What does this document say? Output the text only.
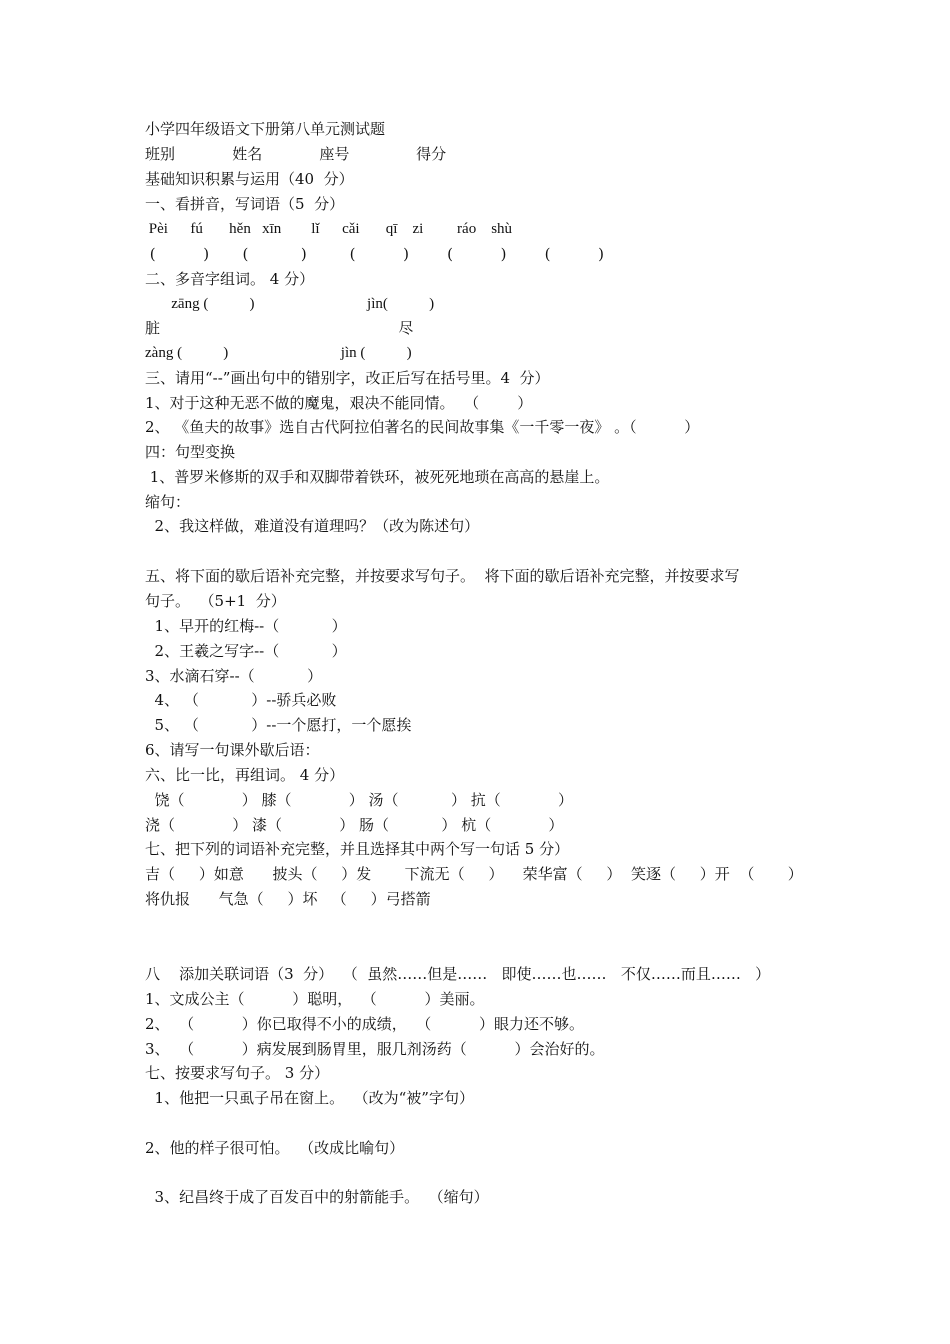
小学四年级语文下册第八单元测试题
班别            姓名            座号              得分
基础知识积累与运用（40  分）
一、看拼音，写词语（5  分）
Pèi      fú       hěn   xīn        lǐ      cǎi       qī    zi         ráo    shù
(          )       (           )         (          )        (          )        (          )
二、多音字组词。 4 分）
zāng (           )                              jìn(           )
脏                                                  尽
zàng (           )                              jìn (           )
三、请用“--”画出句中的错别字，改正后写在括号里。4  分）
1、对于这种无恶不做的魔鬼，艰决不能同情。  （        ）
2、 《鱼夫的故事》选自古代阿拉伯著名的民间故事集《一千零一夜》 。（          ）
四：句型变换
1、普罗米修斯的双手和双脚带着铁环，被死死地琐在高高的悬崖上。
缩句：
2、我这样做，难道没有道理吗？（改为陈述句）
五、将下面的歇后语补充完整，并按要求写句子。  将下面的歇后语补充完整，并按要求写
句子。  （5+1  分）
1、早开的红梅--（           ）
2、王羲之写字--（           ）
3、水滴石穿--（           ）
4、 （           ）--骄兵必败
5、 （           ）--一个愿打，一个愿挨
6、请写一句课外歇后语：
六、比一比，再组词。 4 分）
饶（            ） 膝（            ） 汤（           ） 抗（            ）
浇（            ） 漆（            ） 肠（           ） 杭（            ）
七、把下列的词语补充完整，并且选择其中两个写一句话 5 分）
吉（     ）如意      披头（     ）发       下流无（     ）    荣华富（     ）  笑逐（     ）开  （       ）
将仇报      气急（     ）坏   （     ）弓搭箭
八    添加关联词语（3  分）  （  虽然……但是……   即使……也……   不仅……而且……   ）
1、文成公主（          ）聪明，  （          ）美丽。
2、  （          ）你已取得不小的成绩，  （          ）眼力还不够。
3、  （          ）病发展到肠胃里，服几剂汤药（          ）会治好的。
七、按要求写句子。 3 分）
1、他把一只虱子吊在窗上。  （改为“被”字句）
2、他的样子很可怕。  （改成比喻句）
3、纪昌终于成了百发百中的射箭能手。  （缩句）
